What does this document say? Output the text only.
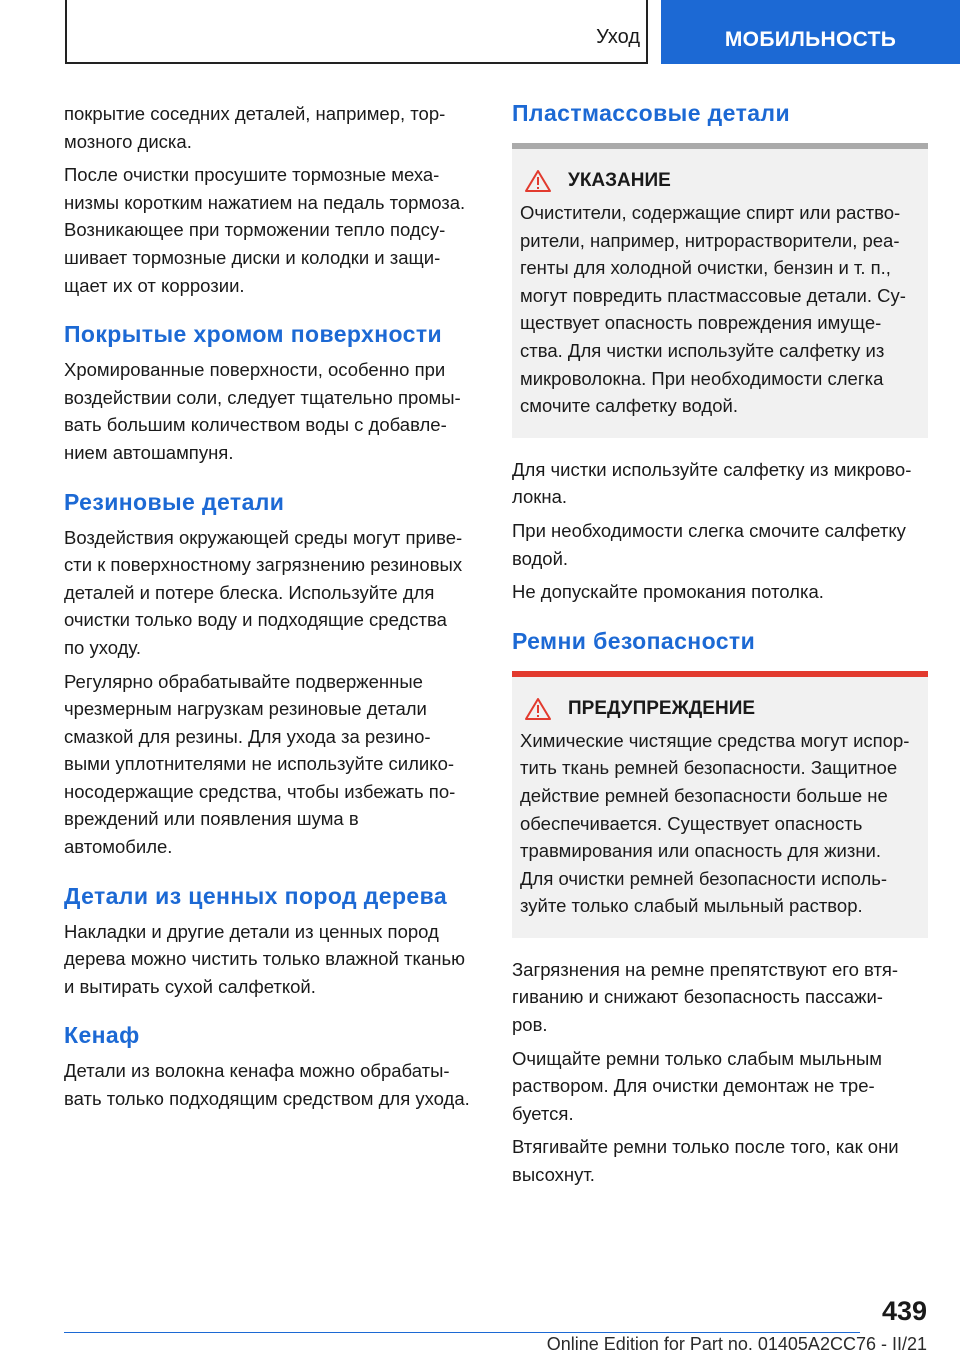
Уход	МОБИЛЬНОСТЬ

покрытие соседних деталей, например, тор-
мозного диска.

После очистки просушите тормозные меха-
низмы коротким нажатием на педаль тормоза.
Возникающее при торможении тепло подсу-
шивает тормозные диски и колодки и защи-
щает их от коррозии.

Покрытые хромом поверхности

Хромированные поверхности, особенно при
воздействии соли, следует тщательно промы-
вать большим количеством воды с добавле-
нием автошампуня.

Резиновые детали

Воздействия окружающей среды могут приве-
сти к поверхностному загрязнению резиновых
деталей и потере блеска. Используйте для
очистки только воду и подходящие средства
по уходу.

Регулярно обрабатывайте подверженные
чрезмерным нагрузкам резиновые детали
смазкой для резины. Для ухода за резино-
выми уплотнителями не используйте силико-
носодержащие средства, чтобы избежать по-
вреждений или появления шума в
автомобиле.

Детали из ценных пород дерева

Накладки и другие детали из ценных пород
дерева можно чистить только влажной тканью
и вытирать сухой салфеткой.

Кенаф

Детали из волокна кенафа можно обрабаты-
вать только подходящим средством для ухода.

Пластмассовые детали
УКАЗАНИЕ

Очистители, содержащие спирт или раство-
рители, например, нитрорастворители, реа-
генты для холодной очистки, бензин и т. п.,
могут повредить пластмассовые детали. Су-
ществует опасность повреждения имуще-
ства. Для чистки используйте салфетку из
микроволокна. При необходимости слегка
смочите салфетку водой.

Для чистки используйте салфетку из микрово-
локна.

При необходимости слегка смочите салфетку
водой.

Не допускайте промокания потолка.

Ремни безопасности
ПРЕДУПРЕЖДЕНИЕ

Химические чистящие средства могут испор-
тить ткань ремней безопасности. Защитное
действие ремней безопасности больше не
обеспечивается. Существует опасность
травмирования или опасность для жизни.
Для очистки ремней безопасности исполь-
зуйте только слабый мыльный раствор.

Загрязнения на ремне препятствуют его втя-
гиванию и снижают безопасность пассажи-
ров.

Очищайте ремни только слабым мыльным
раствором. Для очистки демонтаж не тре-
буется.

Втягивайте ремни только после того, как они
высохнут.

439
Online Edition for Part no. 01405A2CC76 - II/21
